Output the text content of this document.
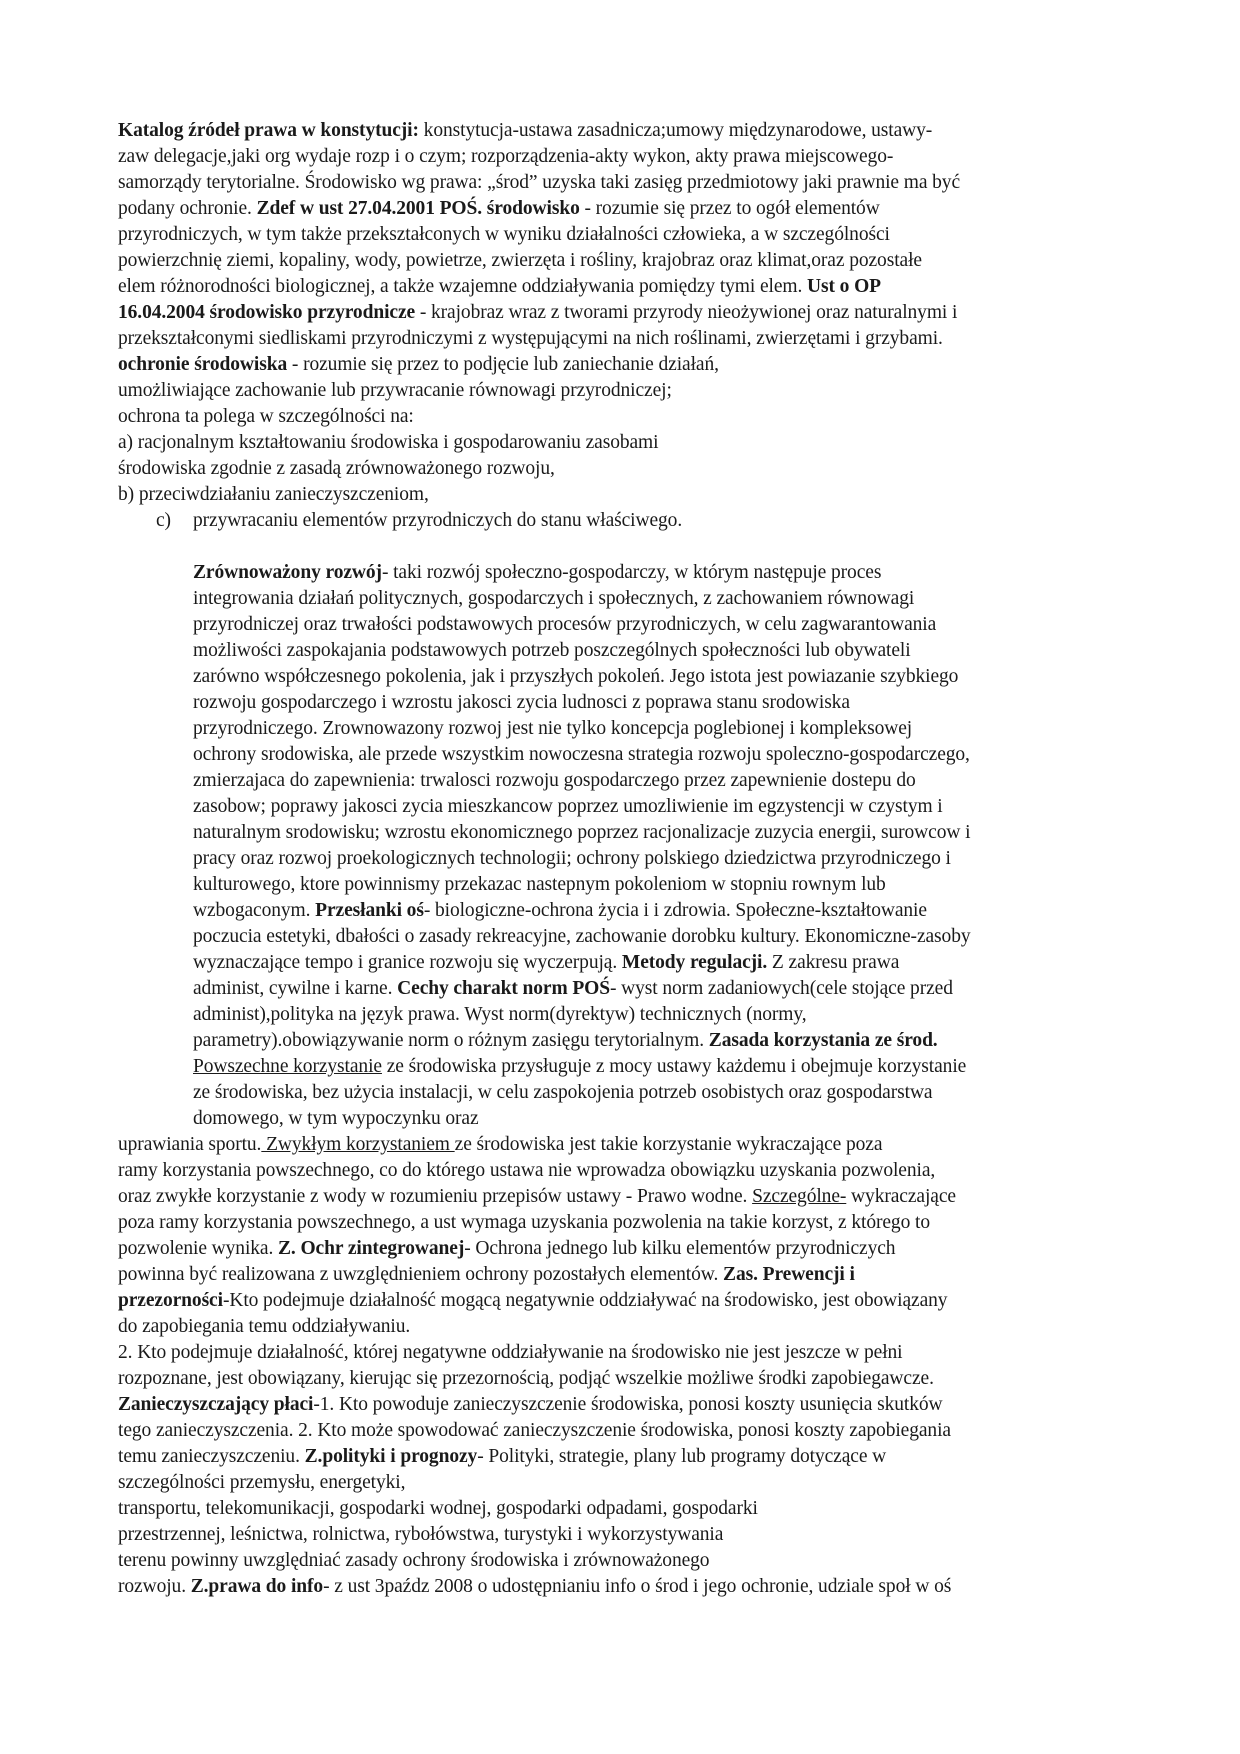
Katalog źródeł prawa w konstytucji: konstytucja-ustawa zasadnicza;umowy międzynarodowe, ustawy-
zaw delegacje,jaki org wydaje rozp i o czym; rozporządzenia-akty wykon, akty prawa miejscowego-
samorządy terytorialne. Środowisko wg prawa: „środ” uzyska taki zasięg przedmiotowy jaki prawnie ma być
podany ochronie. Zdef w ust 27.04.2001 POŚ. środowisko - rozumie się przez to ogół elementów
przyrodniczych, w tym także przekształconych w wyniku działalności człowieka, a w szczególności
powierzchnię ziemi, kopaliny, wody, powietrze, zwierzęta i rośliny, krajobraz oraz klimat,oraz pozostałe
elem różnorodności biologicznej, a także wzajemne oddziaływania pomiędzy tymi elem. Ust o OP
16.04.2004 środowisko przyrodnicze - krajobraz wraz z tworami przyrody nieożywionej oraz naturalnymi i
przekształconymi siedliskami przyrodniczymi z występującymi na nich roślinami, zwierzętami i grzybami.
ochronie środowiska - rozumie się przez to podjęcie lub zaniechanie działań,
umożliwiające zachowanie lub przywracanie równowagi przyrodniczej;
ochrona ta polega w szczególności na:
a) racjonalnym kształtowaniu środowiska i gospodarowaniu zasobami
środowiska zgodnie z zasadą zrównoważonego rozwoju,
b) przeciwdziałaniu zanieczyszczeniom,
c) przywracaniu elementów przyrodniczych do stanu właściwego.
Zrównoważony rozwój- taki rozwój społeczno-gospodarczy, w którym następuje proces
integrowania działań politycznych, gospodarczych i społecznych, z zachowaniem równowagi
przyrodniczej oraz trwałości podstawowych procesów przyrodniczych, w celu zagwarantowania
możliwości zaspokajania podstawowych potrzeb poszczególnych społeczności lub obywateli
zarówno współczesnego pokolenia, jak i przyszłych pokoleń. Jego istota jest powiazanie szybkiego
rozwoju gospodarczego i wzrostu jakosci zycia ludnosci z poprawa stanu srodowiska
przyrodniczego. Zrownowazony rozwoj jest nie tylko koncepcja poglebionej i kompleksowej
ochrony srodowiska, ale przede wszystkim nowoczesna strategia rozwoju spoleczno-gospodarczego,
zmierzajaca do zapewnienia: trwalosci rozwoju gospodarczego przez zapewnienie dostepu do
zasobow; poprawy jakosci zycia mieszkancow poprzez umozliwienie im egzystencji w czystym i
naturalnym srodowisku; wzrostu ekonomicznego poprzez racjonalizacje zuzycia energii, surowcow i
pracy oraz rozwoj proekologicznych technologii; ochrony polskiego dziedzictwa przyrodniczego i
kulturowego, ktore powinnismy przekazac nastepnym pokoleniom w stopniu rownym lub
wzbogaconym. Przesłanki oś- biologiczne-ochrona życia i i zdrowia. Społeczne-kształtowanie
poczucia estetyki, dbałości o zasady rekreacyjne, zachowanie dorobku kultury. Ekonomiczne-zasoby
wyznaczające tempo i granice rozwoju się wyczerpują. Metody regulacji. Z zakresu prawa
administ, cywilne i karne. Cechy charakt norm POŚ- wyst norm zadaniowych(cele stojące przed
administ),polityka na język prawa. Wyst norm(dyrektyw) technicznych (normy,
parametry).obowiązywanie norm o różnym zasięgu terytorialnym. Zasada korzystania ze środ.
Powszechne korzystanie ze środowiska przysługuje z mocy ustawy każdemu i obejmuje korzystanie
ze środowiska, bez użycia instalacji, w celu zaspokojenia potrzeb osobistych oraz gospodarstwa
domowego, w tym wypoczynku oraz
uprawiania sportu. Zwykłym korzystaniem ze środowiska jest takie korzystanie wykraczające poza
ramy korzystania powszechnego, co do którego ustawa nie wprowadza obowiązku uzyskania pozwolenia,
oraz zwykłe korzystanie z wody w rozumieniu przepisów ustawy - Prawo wodne. Szczególne- wykraczające
poza ramy korzystania powszechnego, a ust wymaga uzyskania pozwolenia na takie korzyst, z którego to
pozwolenie wynika. Z. Ochr zintegrowanej- Ochrona jednego lub kilku elementów przyrodniczych
powinna być realizowana z uwzględnieniem ochrony pozostałych elementów. Zas. Prewencji i
przezorności-Kto podejmuje działalność mogącą negatywnie oddziaływać na środowisko, jest obowiązany
do zapobiegania temu oddziaływaniu.
2. Kto podejmuje działalność, której negatywne oddziaływanie na środowisko nie jest jeszcze w pełni
rozpoznane, jest obowiązany, kierując się przezornością, podjąć wszelkie możliwe środki zapobiegawcze.
Zanieczyszczający płaci-1. Kto powoduje zanieczyszczenie środowiska, ponosi koszty usunięcia skutków
tego zanieczyszczenia. 2. Kto może spowodować zanieczyszczenie środowiska, ponosi koszty zapobiegania
temu zanieczyszczeniu. Z.polityki i prognozy- Polityki, strategie, plany lub programy dotyczące w
szczególności przemysłu, energetyki,
transportu, telekomunikacji, gospodarki wodnej, gospodarki odpadami, gospodarki
przestrzennej, leśnictwa, rolnictwa, rybołówstwa, turystyki i wykorzystywania
terenu powinny uwzględniać zasady ochrony środowiska i zrównoważonego
rozwoju. Z.prawa do info- z ust 3paźdz 2008 o udostępnianiu info o środ i jego ochronie, udziale społ w oś
